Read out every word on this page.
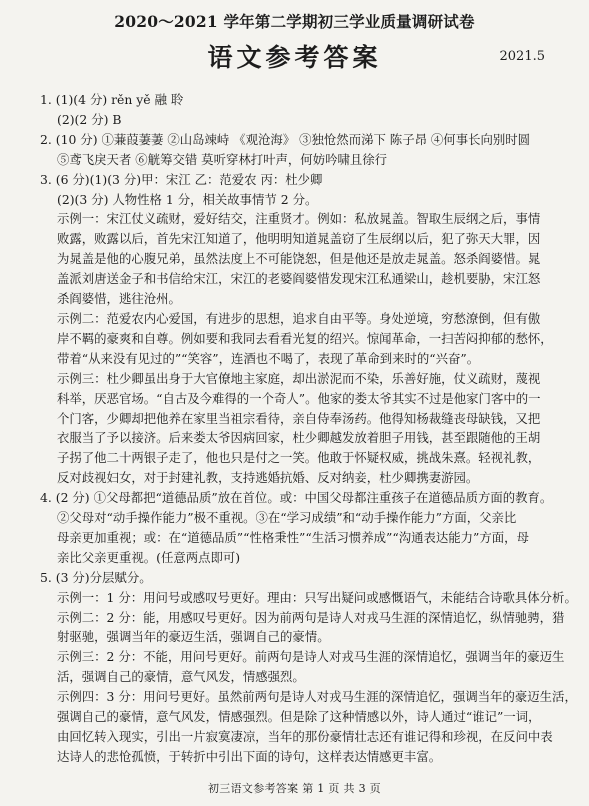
2020～2021 学年第二学期初三学业质量调研试卷
语文参考答案	2021.5
1. (1)(4 分) rěn yě 融 聆
(2)(2 分) B
2. (10 分) ①蒹葭萋萋 ②山岛竦峙 《观沧海》 ③独怆然而涕下 陈子昂 ④何事长向别时圆
⑤鸢飞戾天者 ⑥觥筹交错 莫听穿林打叶声，何妨吟啸且徐行
3. (6 分)(1)(3 分)甲：宋江 乙：范爱农 丙：杜少卿
(2)(3 分) 人物性格 1 分，相关故事情节 2 分。
示例一：宋江仗义疏财，爱好结交，注重贤才。例如：私放晁盖。智取生辰纲之后，事情
败露，败露以后，首先宋江知道了，他明明知道晁盖窃了生辰纲以后，犯了弥天大罪，因
为晁盖是他的心腹兄弟，虽然法度上不可能饶恕，但是他还是放走晁盖。怒杀阎婆惜。晁
盖派刘唐送金子和书信给宋江，宋江的老婆阎婆惜发现宋江私通梁山，趁机要胁，宋江怒
杀阎婆惜，逃往沧州。
示例二：范爱农内心爱国，有进步的思想，追求自由平等。身处逆境，穷愁潦倒，但有傲
岸不羁的豪爽和自尊。例如要和我同去看看光复的绍兴。惊闻革命，一扫苦闷抑郁的愁怀，
带着“从来没有见过的”“笑容”，连酒也不喝了，表现了革命到来时的“兴奋”。
示例三：杜少卿虽出身于大官僚地主家庭，却出淤泥而不染，乐善好施，仗义疏财，蔑视
科举，厌恶官场。“自古及今难得的一个奇人”。他家的娄太爷其实不过是他家门客中的一
个门客，少卿却把他养在家里当祖宗看待，亲自侍奉汤药。他得知杨裁缝丧母缺钱，又把
衣服当了予以接济。后来娄太爷因病回家，杜少卿越发放着胆子用钱，甚至跟随他的王胡
子拐了他二十两银子走了，他也只是付之一笑。他敢于怀疑权威，挑战朱熹。轻视礼教，
反对歧视妇女，对于封建礼教，支持逃婚抗婚、反对纳妾，杜少卿携妻游园。
4. (2 分) ①父母都把“道德品质”放在首位。或：中国父母都注重孩子在道德品质方面的教育。
②父母对“动手操作能力”极不重视。③在“学习成绩”和“动手操作能力”方面，父亲比
母亲更加重视；或：在“道德品质”“性格秉性”“生活习惯养成”“沟通表达能力”方面，母
亲比父亲更重视。(任意两点即可)
5. (3 分)分层赋分。
示例一：1 分：用问号或感叹号更好。理由：只写出疑问或感慨语气，未能结合诗歌具体分析。
示例二：2 分：能，用感叹号更好。因为前两句是诗人对戎马生涯的深情追忆，纵情驰骋，猎
射驱驰，强调当年的豪迈生活，强调自己的豪情。
示例三：2 分：不能，用问号更好。前两句是诗人对戎马生涯的深情追忆，强调当年的豪迈生
活，强调自己的豪情，意气风发，情感强烈。
示例四：3 分：用问号更好。虽然前两句是诗人对戎马生涯的深情追忆，强调当年的豪迈生活，
强调自己的豪情，意气风发，情感强烈。但是除了这种情感以外，诗人通过“谁记”一词，
由回忆转入现实，引出一片寂寞凄凉，当年的那份豪情壮志还有谁记得和珍视，在反问中表
达诗人的悲怆孤愤，于转折中引出下面的诗句，这样表达情感更丰富。
初三语文参考答案 第 1 页 共 3 页
